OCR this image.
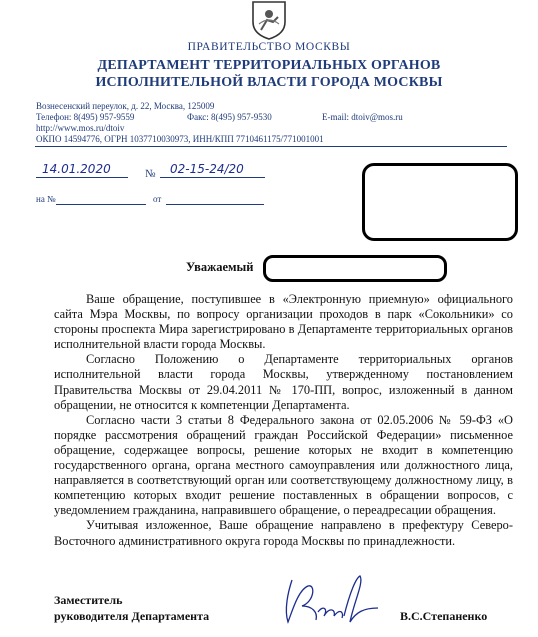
ПРАВИТЕЛЬСТВО МОСКВЫ
ДЕПАРТАМЕНТ ТЕРРИТОРИАЛЬНЫХ ОРГАНОВ
ИСПОЛНИТЕЛЬНОЙ ВЛАСТИ ГОРОДА МОСКВЫ
Вознесенский переулок, д. 22, Москва, 125009
Телефон: 8(495) 957-9559	Факс: 8(495) 957-9530	E-mail: dtoiv@mos.ru
http://www.mos.ru/dtoiv
ОКПО 14594776, ОГРН 1037710030973, ИНН/КПП 7710461175/771001001
14.01.2020	№ 02-15-24/20
на №	от
Уважаемый

Ваше обращение, поступившее в «Электронную приемную» официального сайта Мэра Москвы, по вопросу организации проходов в парк «Сокольники» со стороны проспекта Мира зарегистрировано в Департаменте территориальных органов исполнительной власти города Москвы.

Согласно Положению о Департаменте территориальных органов исполнительной власти города Москвы, утвержденному постановлением Правительства Москвы от 29.04.2011 № 170-ПП, вопрос, изложенный в данном обращении, не относится к компетенции Департамента.

Согласно части 3 статьи 8 Федерального закона от 02.05.2006 № 59-ФЗ «О порядке рассмотрения обращений граждан Российской Федерации» письменное обращение, содержащее вопросы, решение которых не входит в компетенцию государственного органа, органа местного самоуправления или должностного лица, направляется в соответствующий орган или соответствующему должностному лицу, в компетенцию которых входит решение поставленных в обращении вопросов, с уведомлением гражданина, направившего обращение, о переадресации обращения.

Учитывая изложенное, Ваше обращение направлено в префектуру Северо-Восточного административного округа города Москвы по принадлежности.

Заместитель
руководителя Департамента	В.С.Степаненко
